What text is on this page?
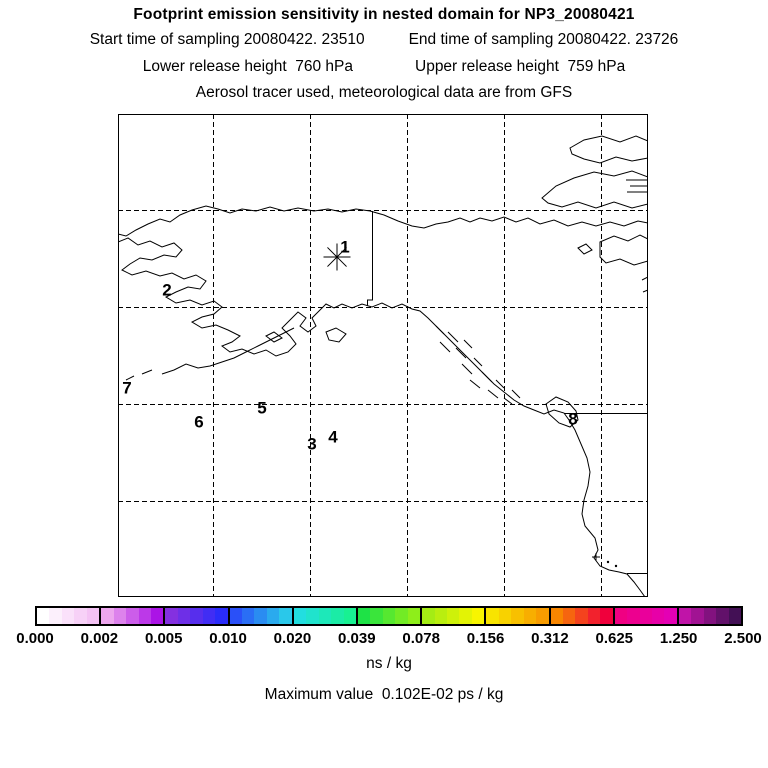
Footprint emission sensitivity in nested domain for NP3_20080421
Start time of sampling 20080422. 23510	End time of sampling 20080422. 23726
Lower release height  760 hPa	Upper release height  759 hPa
Aerosol tracer used, meteorological data are from GFS
1
2
3 4
5
6
7
8
0.000 0.002 0.005 0.010 0.020 0.039 0.078 0.156 0.312 0.625 1.250 2.500
ns / kg
Maximum value  0.102E-02 ps / kg
